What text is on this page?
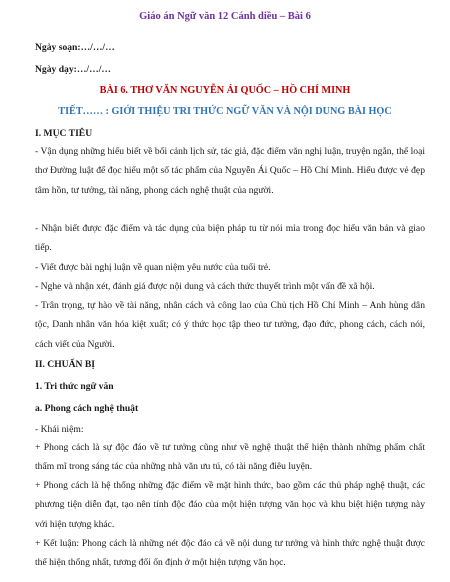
Giáo án Ngữ văn 12 Cánh diều – Bài 6
Ngày soạn:…/…/…
Ngày dạy:…/…/…
BÀI 6. THƠ VĂN NGUYỄN ÁI QUỐC – HỒ CHÍ MINH
TIẾT…… : GIỚI THIỆU TRI THỨC NGỮ VĂN VÀ NỘI DUNG BÀI HỌC
I. MỤC TIÊU
- Vận dụng những hiểu biết về bối cảnh lịch sử, tác giả, đặc điểm văn nghị luận, truyện ngắn, thể loại thơ Đường luật để đọc hiểu một số tác phẩm của Nguyễn Ái Quốc – Hồ Chí Minh. Hiểu được vẻ đẹp tâm hồn, tư tưởng, tài năng, phong cách nghệ thuật của người.
- Nhận biết được đặc điểm và tác dụng của biện pháp tu từ nói mỉa trong đọc hiểu văn bản và giao tiếp.
- Viết được bài nghị luận về quan niệm yêu nước của tuổi trẻ.
- Nghe và nhận xét, đánh giá được nội dung và cách thức thuyết trình một vấn đề xã hội.
- Trân trọng, tự hào về tài năng, nhân cách và công lao của Chủ tịch Hồ Chí Minh – Anh hùng dân tộc, Danh nhân văn hóa kiệt xuất; có ý thức học tập theo tư tưởng, đạo đức, phong cách, cách nói, cách viết của Người.
II. CHUẨN BỊ
1. Tri thức ngữ văn
a. Phong cách nghệ thuật
- Khái niệm:
+ Phong cách là sự độc đáo về tư tưởng cũng như về nghệ thuật thể hiện thành những phẩm chất thẩm mĩ trong sáng tác của những nhà văn ưu tú, có tài năng điêu luyện.
+ Phong cách là hệ thống những đặc điểm về mặt hình thức, bao gồm các thủ pháp nghệ thuật, các phương tiện diễn đạt, tạo nên tính độc đáo của một hiện tượng văn học và khu biệt hiện tượng này với hiện tượng khác.
+ Kết luận: Phong cách là những nét độc đáo cả về nội dung tư tưởng và hình thức nghệ thuật được thể hiện thống nhất, tương đối ổn định ở một hiện tượng văn học.
